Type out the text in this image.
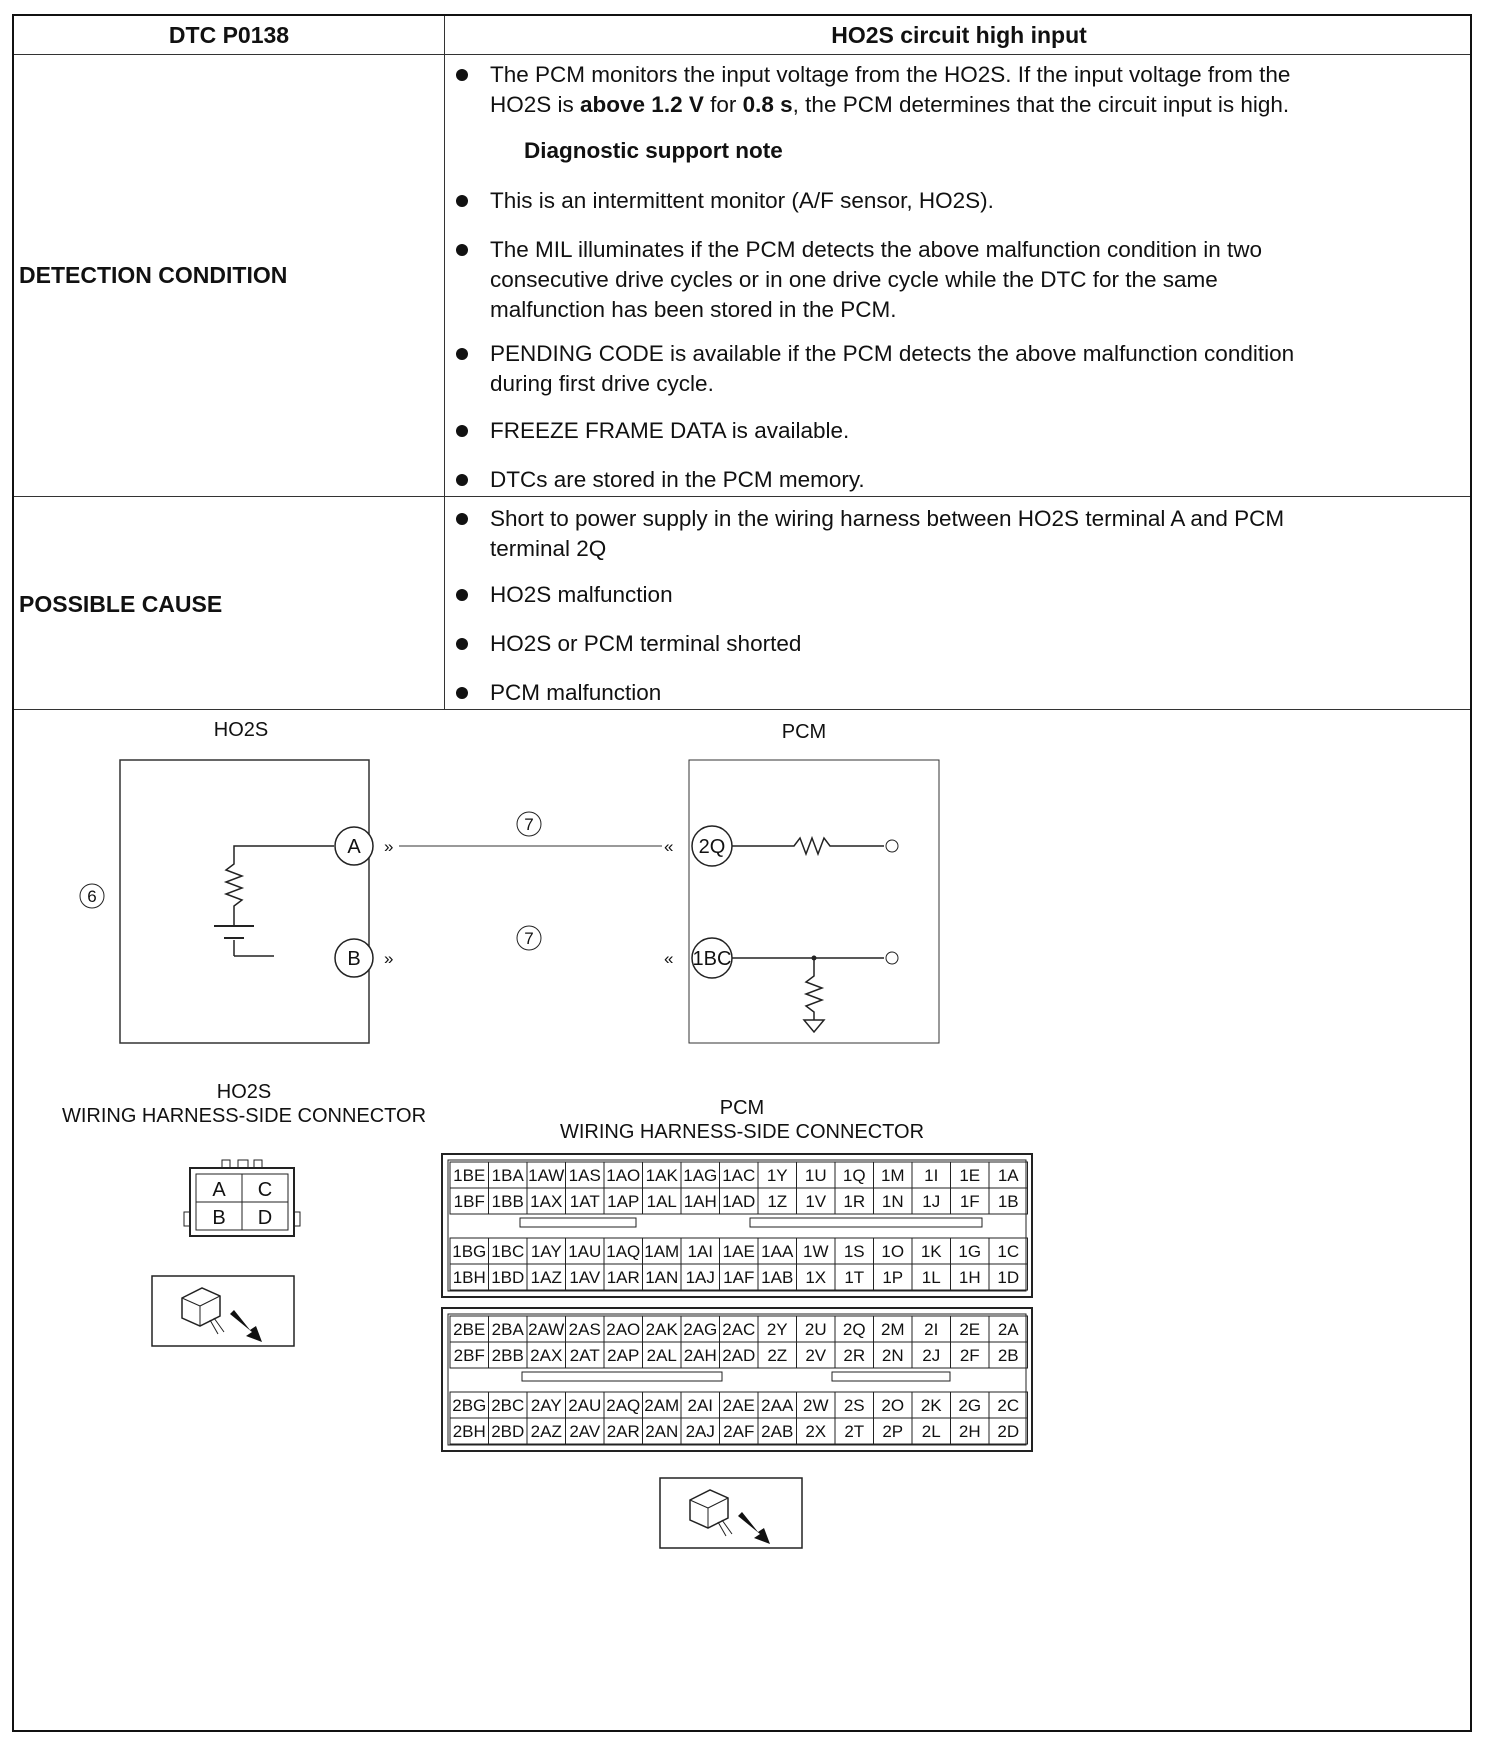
DTC P0138	HO2S circuit high input
DETECTION CONDITION
The PCM monitors the input voltage from the HO2S. If the input voltage from the
HO2S is above 1.2 V for 0.8 s, the PCM determines that the circuit input is high.
Diagnostic support note
This is an intermittent monitor (A/F sensor, HO2S).
The MIL illuminates if the PCM detects the above malfunction condition in two
consecutive drive cycles or in one drive cycle while the DTC for the same
malfunction has been stored in the PCM.
PENDING CODE is available if the PCM detects the above malfunction condition
during first drive cycle.
FREEZE FRAME DATA is available.
DTCs are stored in the PCM memory.
POSSIBLE CAUSE
Short to power supply in the wiring harness between HO2S terminal A and PCM
terminal 2Q
HO2S malfunction
HO2S or PCM terminal shorted
PCM malfunction
HO2S	PCM
6
A
B
»
»
«
«
7
7
2Q
1BC
HO2S
WIRING HARNESS-SIDE CONNECTOR
A C
B D
PCM
WIRING HARNESS-SIDE CONNECTOR
1BE 1BA 1AW 1AS 1AO 1AK 1AG 1AC 1Y 1U 1Q 1M 1I 1E 1A
1BF 1BB 1AX 1AT 1AP 1AL 1AH 1AD 1Z 1V 1R 1N 1J 1F 1B
1BG 1BC 1AY 1AU 1AQ 1AM 1AI 1AE 1AA 1W 1S 1O 1K 1G 1C
1BH 1BD 1AZ 1AV 1AR 1AN 1AJ 1AF 1AB 1X 1T 1P 1L 1H 1D
2BE 2BA 2AW 2AS 2AO 2AK 2AG 2AC 2Y 2U 2Q 2M 2I 2E 2A
2BF 2BB 2AX 2AT 2AP 2AL 2AH 2AD 2Z 2V 2R 2N 2J 2F 2B
2BG 2BC 2AY 2AU 2AQ 2AM 2AI 2AE 2AA 2W 2S 2O 2K 2G 2C
2BH 2BD 2AZ 2AV 2AR 2AN 2AJ 2AF 2AB 2X 2T 2P 2L 2H 2D
